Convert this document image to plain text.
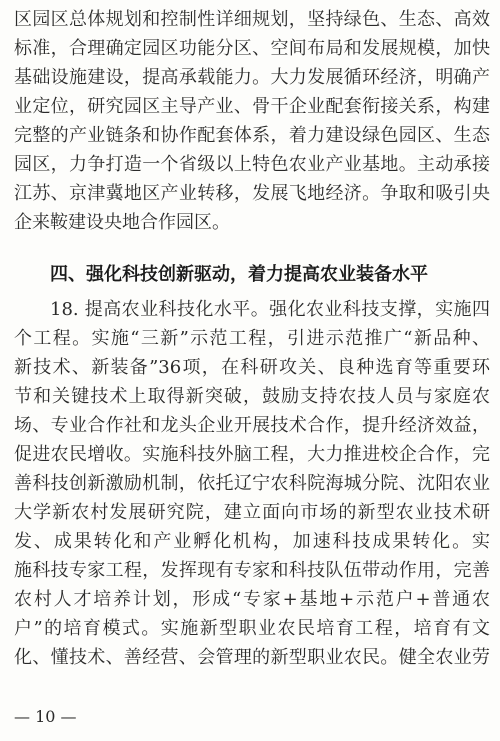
区园区总体规划和控制性详细规划，坚持绿色、生态、高效
标准，合理确定园区功能分区、空间布局和发展规模，加快
基础设施建设，提高承载能力。大力发展循环经济，明确产
业定位，研究园区主导产业、骨干企业配套衔接关系，构建
完整的产业链条和协作配套体系，着力建设绿色园区、生态
园区，力争打造一个省级以上特色农业产业基地。主动承接
江苏、京津冀地区产业转移，发展飞地经济。争取和吸引央
企来鞍建设央地合作园区。
四、强化科技创新驱动，着力提高农业装备水平
18. 提高农业科技化水平。强化农业科技支撑，实施四
个工程。实施“三新”示范工程，引进示范推广“新品种、
新技术、新装备”36项，在科研攻关、良种选育等重要环
节和关键技术上取得新突破，鼓励支持农技人员与家庭农
场、专业合作社和龙头企业开展技术合作，提升经济效益，
促进农民增收。实施科技外脑工程，大力推进校企合作，完
善科技创新激励机制，依托辽宁农科院海城分院、沈阳农业
大学新农村发展研究院，建立面向市场的新型农业技术研
发、成果转化和产业孵化机构，加速科技成果转化。实
施科技专家工程，发挥现有专家和科技队伍带动作用，完善
农村人才培养计划，形成“专家+基地+示范户+普通农
户”的培育模式。实施新型职业农民培育工程，培育有文
化、懂技术、善经营、会管理的新型职业农民。健全农业劳
— 10 —
